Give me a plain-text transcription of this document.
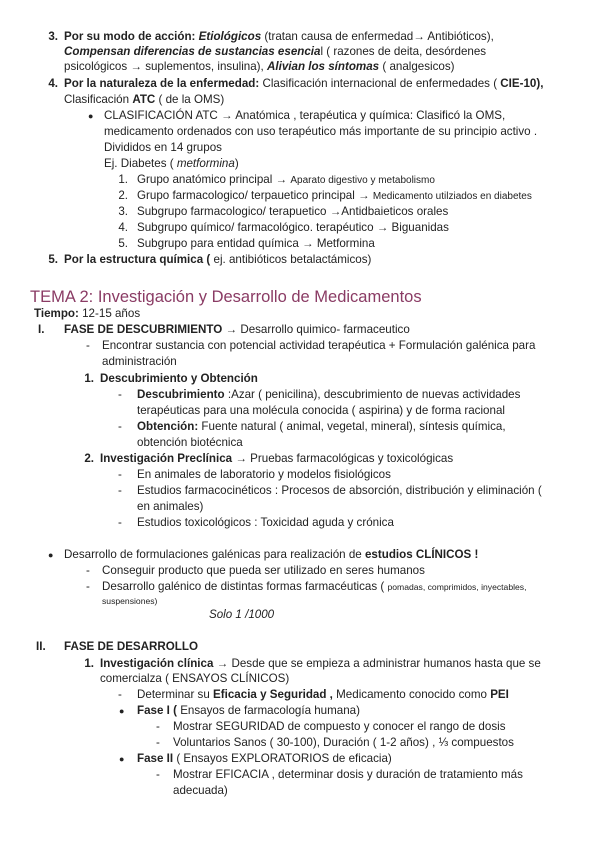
3. Por su modo de acción: Etiológicos (tratan causa de enfermedad→ Antibióticos),
Compensan diferencias de sustancias esencial ( razones de deita, desórdenes
psicológicos → suplementos, insulina), Alivian los síntomas ( analgesicos)
4. Por la naturaleza de la enfermedad: Clasificación internacional de enfermedades ( CIE-10),
Clasificación ATC ( de la OMS)
● CLASIFICACIÓN ATC → Anatómica , terapéutica y química: Clasificó la OMS,
medicamento ordenados con uso terapéutico más importante de su principio activo .
Divididos en 14 grupos
Ej. Diabetes ( metformina)
1. Grupo anatómico principal → Aparato digestivo y metabolismo
2. Grupo farmacologico/ terpauetico principal → Medicamento utilziados en diabetes
3. Subgrupo farmacologico/ terapuetico →Antidbaieticos orales
4. Subgrupo químico/ farmacológico. terapéutico → Biguanidas
5. Subgrupo para entidad química → Metformina
5. Por la estructura química ( ej. antibióticos betalactámicos)
TEMA 2: Investigación y Desarrollo de Medicamentos
Tiempo: 12-15 años
I. FASE DE DESCUBRIMIENTO → Desarrollo quimico- farmaceutico
- Encontrar sustancia con potencial actividad terapéutica + Formulación galénica para
administración
1. Descubrimiento y Obtención
- Descubrimiento :Azar ( penicilina), descubrimiento de nuevas actividades
terapéuticas para una molécula conocida ( aspirina) y de forma racional
- Obtención: Fuente natural ( animal, vegetal, mineral), síntesis química,
obtención biotécnica
2. Investigación Preclínica → Pruebas farmacológicas y toxicológicas
- En animales de laboratorio y modelos fisiológicos
- Estudios farmacocinéticos : Procesos de absorción, distribución y eliminación (
en animales)
- Estudios toxicológicos : Toxicidad aguda y crónica
● Desarrollo de formulaciones galénicas para realización de estudios CLÍNICOS !
- Conseguir producto que pueda ser utilizado en seres humanos
- Desarrollo galénico de distintas formas farmacéuticas ( pomadas, comprimidos, inyectables,
suspensiones)
Solo 1 /1000
II. FASE DE DESARROLLO
1. Investigación clínica → Desde que se empieza a administrar humanos hasta que se
comercialza ( ENSAYOS CLÍNICOS)
- Determinar su Eficacia y Seguridad , Medicamento conocido como PEI
● Fase I ( Ensayos de farmacología humana)
- Mostrar SEGURIDAD de compuesto y conocer el rango de dosis
- Voluntarios Sanos ( 30-100), Duración ( 1-2 años) , ⅓ compuestos
● Fase II ( Ensayos EXPLORATORIOS de eficacia)
- Mostrar EFICACIA , determinar dosis y duración de tratamiento más
adecuada)
